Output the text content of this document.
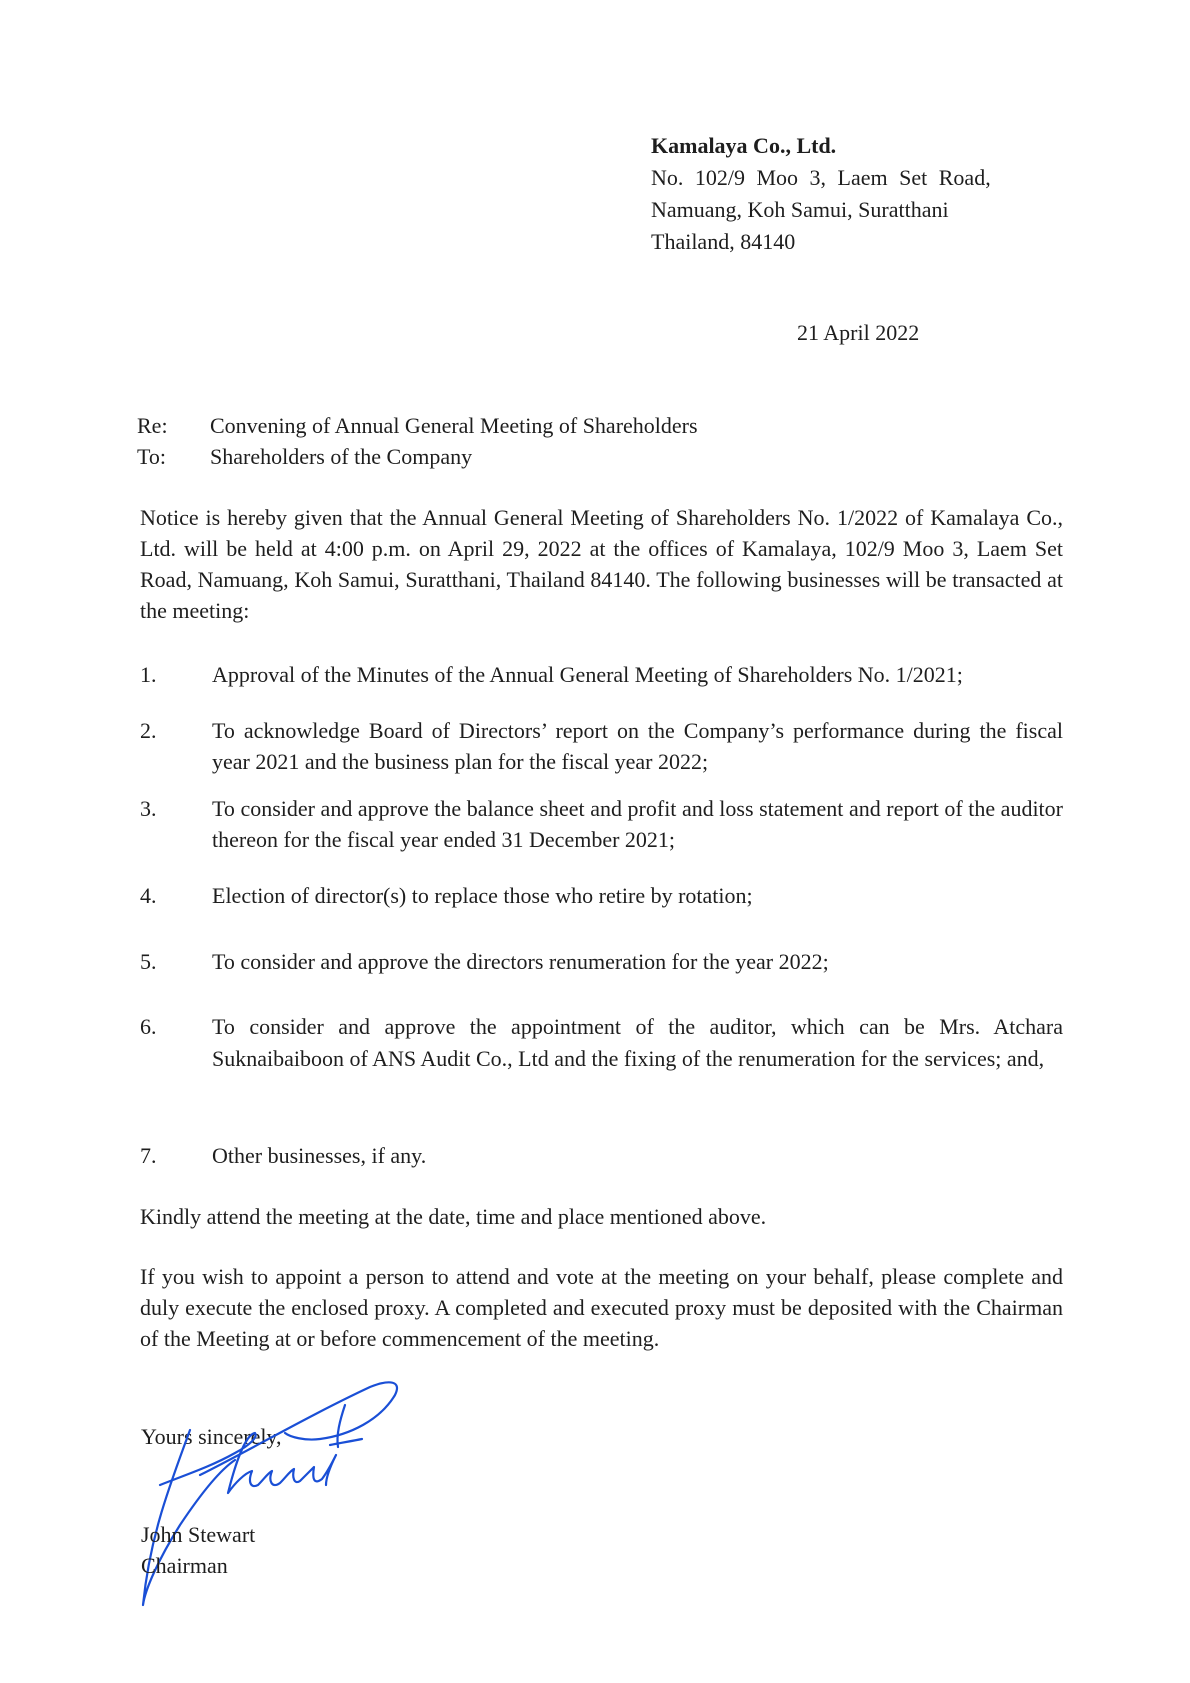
Kamalaya Co., Ltd.
No. 102/9 Moo 3, Laem Set Road,
Namuang, Koh Samui, Suratthani
Thailand, 84140
21 April 2022
Re: Convening of Annual General Meeting of Shareholders
To: Shareholders of the Company
Notice is hereby given that the Annual General Meeting of Shareholders No. 1/2022 of Kamalaya Co., Ltd. will be held at 4:00 p.m. on April 29, 2022 at the offices of Kamalaya, 102/9 Moo 3, Laem Set Road, Namuang, Koh Samui, Suratthani, Thailand 84140. The following businesses will be transacted at the meeting:
1.	Approval of the Minutes of the Annual General Meeting of Shareholders No. 1/2021;
2.	To acknowledge Board of Directors’ report on the Company’s performance during the fiscal year 2021 and the business plan for the fiscal year 2022;
3.	To consider and approve the balance sheet and profit and loss statement and report of the auditor thereon for the fiscal year ended 31 December 2021;
4.	Election of director(s) to replace those who retire by rotation;
5.	To consider and approve the directors renumeration for the year 2022;
6.	To consider and approve the appointment of the auditor, which can be Mrs. Atchara Suknaibaiboon of ANS Audit Co., Ltd and the fixing of the renumeration for the services; and,
7.	Other businesses, if any.
Kindly attend the meeting at the date, time and place mentioned above.
If you wish to appoint a person to attend and vote at the meeting on your behalf, please complete and duly execute the enclosed proxy. A completed and executed proxy must be deposited with the Chairman of the Meeting at or before commencement of the meeting.
Yours sincerely,
John Stewart
Chairman
